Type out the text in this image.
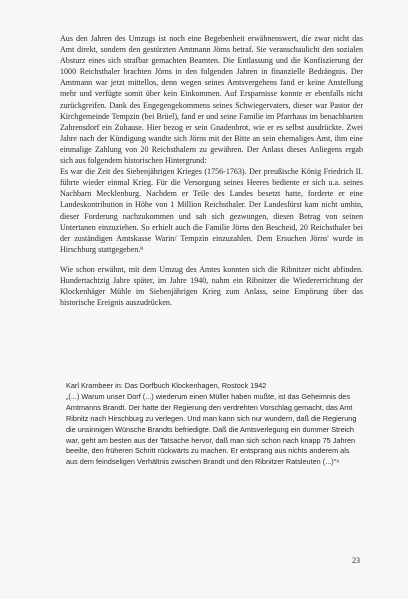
Aus den Jahren des Umzugs ist noch eine Begebenheit erwähnenswert, die zwar nicht das Amt direkt, sondern den gestürzten Amtmann Jörns betraf. Sie veranschaulicht den sozialen Absturz eines sich strafbar gemachten Beamten. Die Entlassung und die Konfiszierung der 1000 Reichsthaler brachten Jörns in den folgenden Jahren in finanzielle Bedrängnis. Der Amtmann war jetzt mittellos, denn wegen seines Amtsvergehens fand er keine Anstellung mehr und verfügte somit über kein Einkommen. Auf Ersparnisse konnte er ebenfalls nicht zurückgreifen. Dank des Engegengekommens seines Schwiegervaters, dieser war Pastor der Kirchgemeinde Tempzin (bei Brüel), fand er und seine Familie im Pfarrhaus im benachbarten Zahrensdorf ein Zuhause. Hier bezog er sein Gnadenbrot, wie er es selbst ausdrückte. Zwei Jahre nach der Kündigung wandte sich Jörns mit der Bitte an sein ehemaliges Amt, ihm eine einmalige Zahlung von 20 Reichsthalern zu gewähren. Der Anlass dieses Anliegens ergab sich aus folgendem historischen Hintergrund:

Es war die Zeit des Siebenjährigen Krieges (1756-1763). Der preußische König Friedrich II. führte wieder einmal Krieg. Für die Versorgung seines Heeres bediente er sich u.a. seines Nachbarn Mecklenburg. Nachdem er Teile des Landes besetzt hatte, forderte er eine Landeskontribution in Höhe von 1 Million Reichsthaler. Der Landesfürst kam nicht umhin, dieser Forderung nachzukommen und sah sich gezwungen, diesen Betrag von seinen Untertanen einzuziehen. So erhielt auch die Familie Jörns den Bescheid, 20 Reichsthaler bei der zuständigen Amtskasse Warin/ Tempzin einzuzahlen. Dem Ersuchen Jörns' wurde in Hirschburg stattgegeben.⁸

Wie schon erwähnt, mit dem Umzug des Amtes konnten sich die Ribnitzer nicht abfinden. Hundertachtzig Jahre später, im Jahre 1940, nahm ein Ribnitzer die Wiedererrichtung der Klockenhäger Mühle im Siebenjährigen Krieg zum Anlass, seine Empörung über das historische Ereignis auszudrücken.

Karl Krambeer in: Das Dorfbuch Klockenhagen, Rostock 1942

„(...) Warum unser Dorf (...) wiederum einen Müller haben mußte, ist das Geheimnis des Amtmanns Brandt. Der hatte der Regierung den verdrehten Vorschlag gemacht, das Amt Ribnitz nach Hirschburg zu verlegen. Und man kann sich nur wundern, daß die Regierung die unsinnigen Wünsche Brandts befriedigte. Daß die Amtsverlegung ein dummer Streich war, geht am besten aus der Tatsache hervor, daß man sich schon nach knapp 75 Jahren beeilte, den früheren Schritt rückwärts zu machen. Er entsprang aus nichts anderem als aus dem feindseligen Verhältnis zwischen Brandt und den Ribnitzer Ratsleuten (...)“⁹

23
